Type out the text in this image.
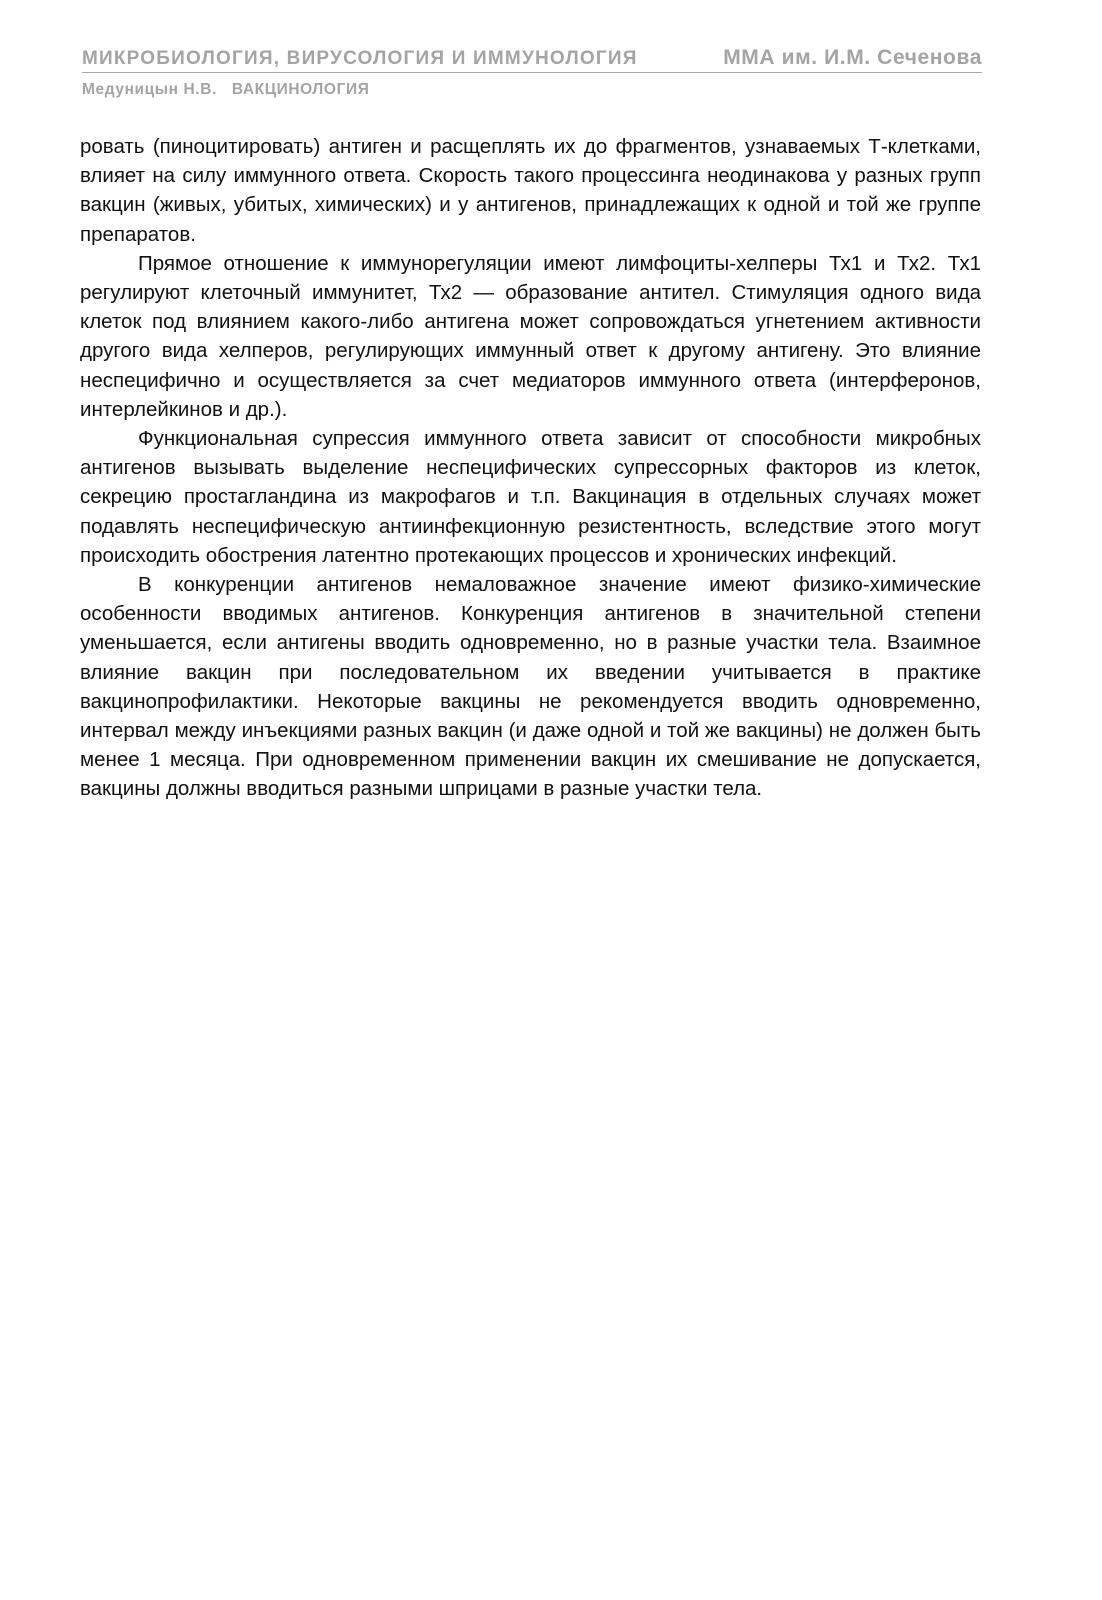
МИКРОБИОЛОГИЯ, ВИРУСОЛОГИЯ И ИММУНОЛОГИЯ	ММА им. И.М. Сеченова
Медуницын Н.В. ВАКЦИНОЛОГИЯ

ровать (пиноцитировать) антиген и расщеплять их до фрагментов, узнаваемых Т-клетками, влияет на силу иммунного ответа. Скорость такого процессинга неодинакова у разных групп вакцин (живых, убитых, химических) и у антигенов, принадлежащих к одной и той же группе препаратов.

Прямое отношение к иммунорегуляции имеют лимфоциты-хелперы Тх1 и Тх2. Тх1 регулируют клеточный иммунитет, Тх2 — образование антител. Стимуляция одного вида клеток под влиянием какого-либо антигена может сопровождаться угнетением активности другого вида хелперов, регулирующих иммунный ответ к другому антигену. Это влияние неспецифично и осуществляется за счет медиаторов иммунного ответа (интерферонов, интерлейкинов и др.).

Функциональная супрессия иммунного ответа зависит от способности микробных антигенов вызывать выделение неспецифических супрессорных факторов из клеток, секрецию простагландина из макрофагов и т.п. Вакцинация в отдельных случаях может подавлять неспецифическую антиинфекционную резистентность, вследствие этого могут происходить обострения латентно протекающих процессов и хронических инфекций.

В конкуренции антигенов немаловажное значение имеют физико-химические особенности вводимых антигенов. Конкуренция антигенов в значительной степени уменьшается, если антигены вводить одновременно, но в разные участки тела. Взаимное влияние вакцин при последовательном их введении учитывается в практике вакцинопрофилактики. Некоторые вакцины не рекомендуется вводить одновременно, интервал между инъекциями разных вакцин (и даже одной и той же вакцины) не должен быть менее 1 месяца. При одновременном применении вакцин их смешивание не допускается, вакцины должны вводиться разными шприцами в разные участки тела.
